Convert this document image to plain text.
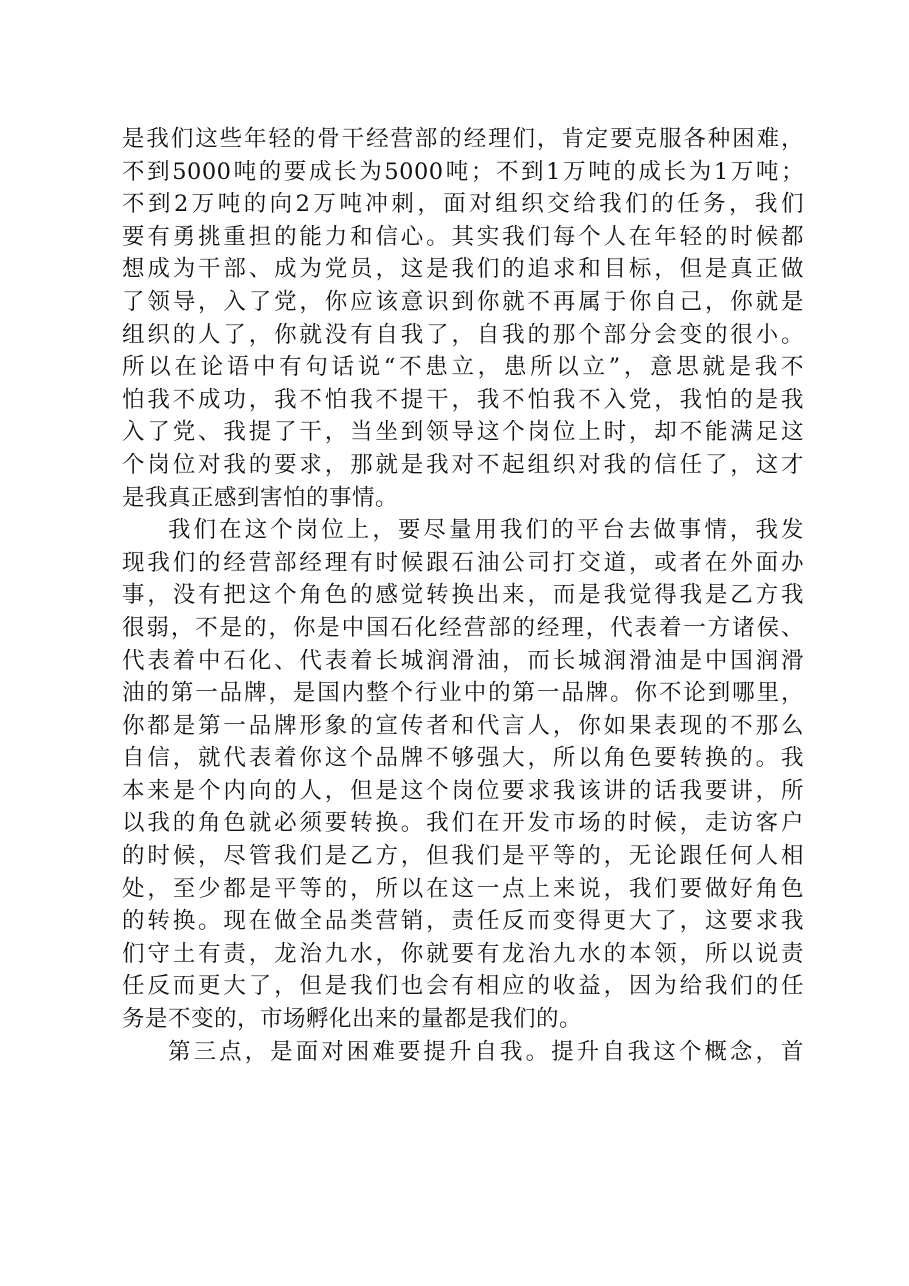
是我们这些年轻的骨干经营部的经理们，肯定要克服各种困难，
不到5000吨的要成长为5000吨；不到1万吨的成长为1万吨；
不到2万吨的向2万吨冲刺，面对组织交给我们的任务，我们
要有勇挑重担的能力和信心。其实我们每个人在年轻的时候都
想成为干部、成为党员，这是我们的追求和目标，但是真正做
了领导，入了党，你应该意识到你就不再属于你自己，你就是
组织的人了，你就没有自我了，自我的那个部分会变的很小。
所以在论语中有句话说“不患立，患所以立”，意思就是我不
怕我不成功，我不怕我不提干，我不怕我不入党，我怕的是我
入了党、我提了干，当坐到领导这个岗位上时，却不能满足这
个岗位对我的要求，那就是我对不起组织对我的信任了，这才
是我真正感到害怕的事情。
我们在这个岗位上，要尽量用我们的平台去做事情，我发
现我们的经营部经理有时候跟石油公司打交道，或者在外面办
事，没有把这个角色的感觉转换出来，而是我觉得我是乙方我
很弱，不是的，你是中国石化经营部的经理，代表着一方诸侯、
代表着中石化、代表着长城润滑油，而长城润滑油是中国润滑
油的第一品牌，是国内整个行业中的第一品牌。你不论到哪里，
你都是第一品牌形象的宣传者和代言人，你如果表现的不那么
自信，就代表着你这个品牌不够强大，所以角色要转换的。我
本来是个内向的人，但是这个岗位要求我该讲的话我要讲，所
以我的角色就必须要转换。我们在开发市场的时候，走访客户
的时候，尽管我们是乙方，但我们是平等的，无论跟任何人相
处，至少都是平等的，所以在这一点上来说，我们要做好角色
的转换。现在做全品类营销，责任反而变得更大了，这要求我
们守土有责，龙治九水，你就要有龙治九水的本领，所以说责
任反而更大了，但是我们也会有相应的收益，因为给我们的任
务是不变的，市场孵化出来的量都是我们的。
第三点，是面对困难要提升自我。提升自我这个概念，首
